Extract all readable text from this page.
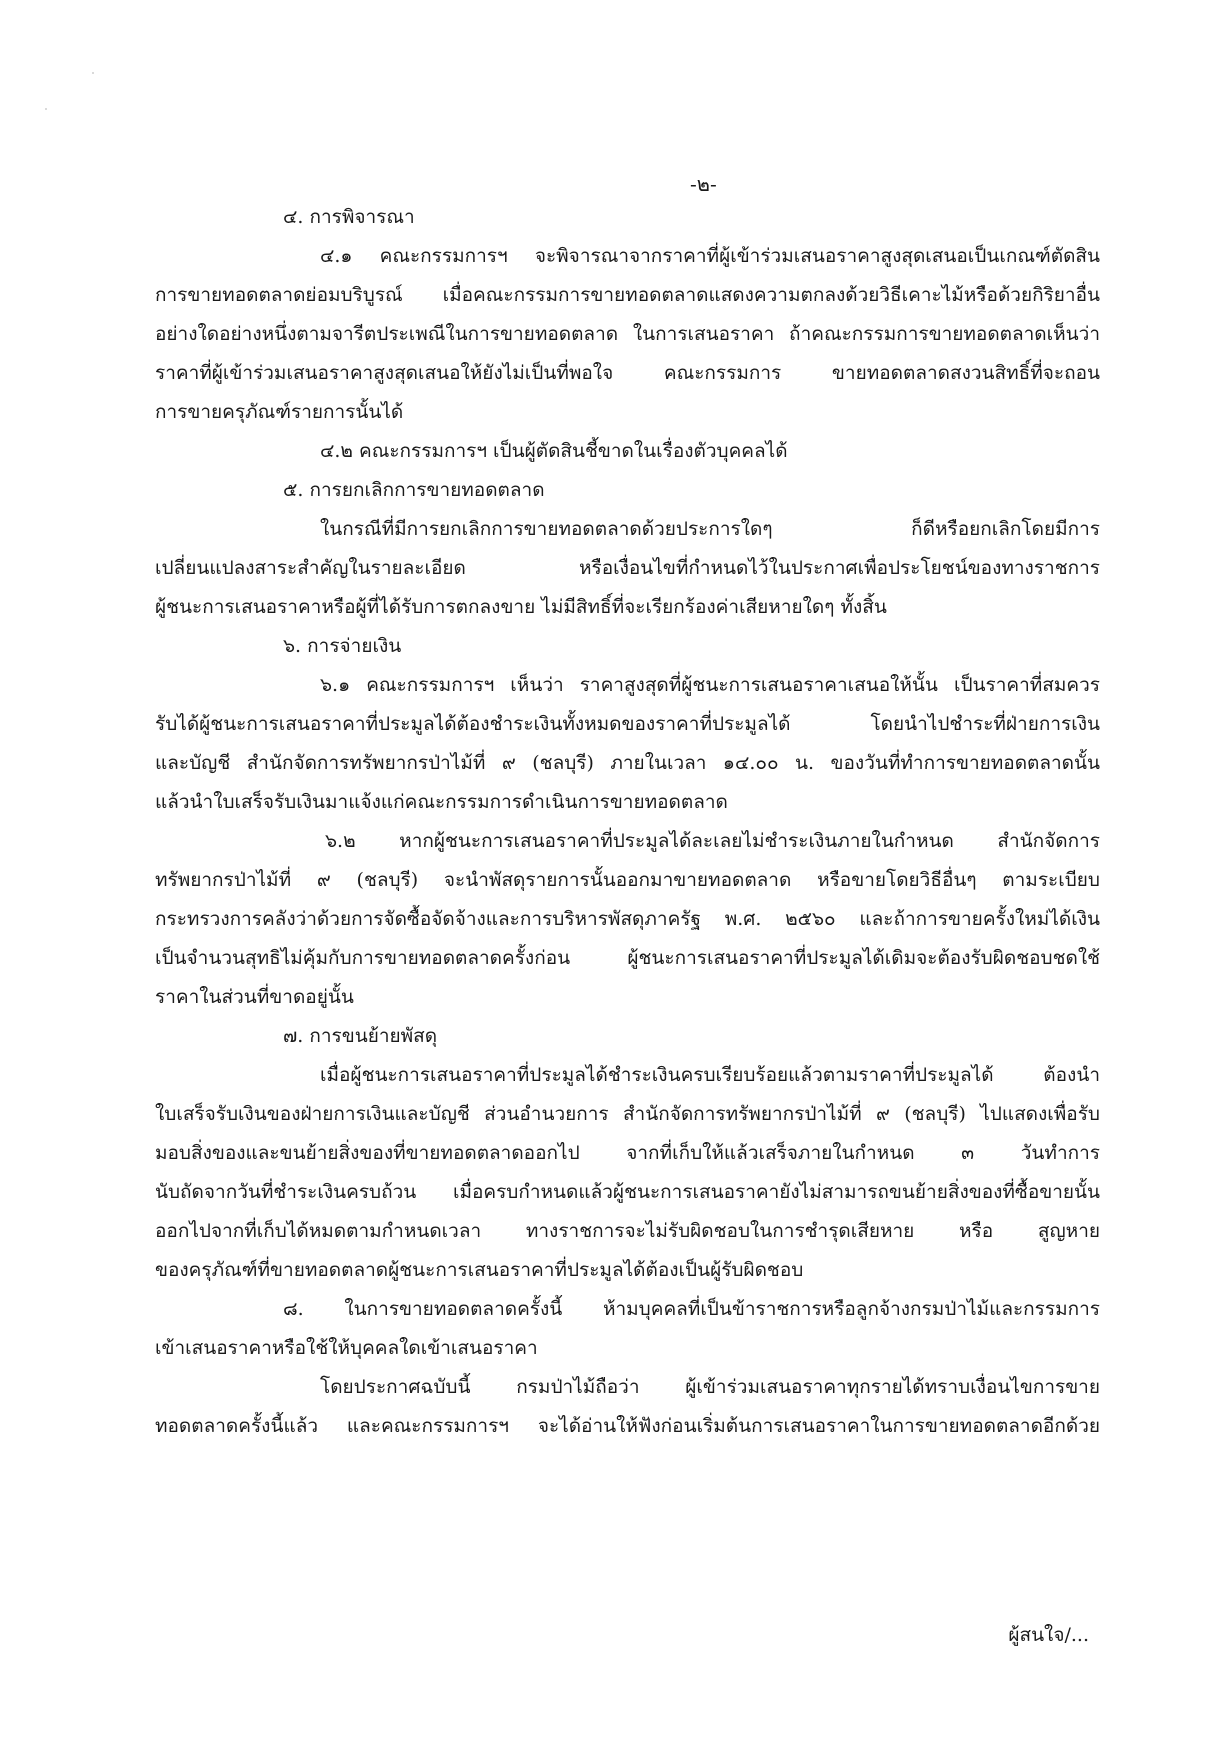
-๒-
๔. การพิจารณา
๔.๑ คณะกรรมการฯ จะพิจารณาจากราคาที่ผู้เข้าร่วมเสนอราคาสูงสุดเสนอเป็นเกณฑ์ตัดสิน
การขายทอดตลาดย่อมบริบูรณ์ เมื่อคณะกรรมการขายทอดตลาดแสดงความตกลงด้วยวิธีเคาะไม้หรือด้วยกิริยาอื่น
อย่างใดอย่างหนึ่งตามจารีตประเพณีในการขายทอดตลาด ในการเสนอราคา ถ้าคณะกรรมการขายทอดตลาดเห็นว่า
ราคาที่ผู้เข้าร่วมเสนอราคาสูงสุดเสนอให้ยังไม่เป็นที่พอใจ คณะกรรมการ ขายทอดตลาดสงวนสิทธิ์ที่จะถอน
การขายครุภัณฑ์รายการนั้นได้
๔.๒ คณะกรรมการฯ เป็นผู้ตัดสินชี้ขาดในเรื่องตัวบุคคลได้
๕. การยกเลิกการขายทอดตลาด
ในกรณีที่มีการยกเลิกการขายทอดตลาดด้วยประการใดๆ ก็ดีหรือยกเลิกโดยมีการ
เปลี่ยนแปลงสาระสำคัญในรายละเอียด หรือเงื่อนไขที่กำหนดไว้ในประกาศเพื่อประโยชน์ของทางราชการ
ผู้ชนะการเสนอราคาหรือผู้ที่ได้รับการตกลงขาย ไม่มีสิทธิ์ที่จะเรียกร้องค่าเสียหายใดๆ ทั้งสิ้น
๖. การจ่ายเงิน
๖.๑ คณะกรรมการฯ เห็นว่า ราคาสูงสุดที่ผู้ชนะการเสนอราคาเสนอให้นั้น เป็นราคาที่สมควร
รับได้ผู้ชนะการเสนอราคาที่ประมูลได้ต้องชำระเงินทั้งหมดของราคาที่ประมูลได้ โดยนำไปชำระที่ฝ่ายการเงิน
และบัญชี สำนักจัดการทรัพยากรป่าไม้ที่ ๙ (ชลบุรี) ภายในเวลา ๑๔.๐๐ น. ของวันที่ทำการขายทอดตลาดนั้น
แล้วนำใบเสร็จรับเงินมาแจ้งแก่คณะกรรมการดำเนินการขายทอดตลาด
๖.๒ หากผู้ชนะการเสนอราคาที่ประมูลได้ละเลยไม่ชำระเงินภายในกำหนด สำนักจัดการ
ทรัพยากรป่าไม้ที่ ๙ (ชลบุรี) จะนำพัสดุรายการนั้นออกมาขายทอดตลาด หรือขายโดยวิธีอื่นๆ ตามระเบียบ
กระทรวงการคลังว่าด้วยการจัดซื้อจัดจ้างและการบริหารพัสดุภาครัฐ พ.ศ. ๒๕๖๐ และถ้าการขายครั้งใหม่ได้เงิน
เป็นจำนวนสุทธิไม่คุ้มกับการขายทอดตลาดครั้งก่อน ผู้ชนะการเสนอราคาที่ประมูลได้เดิมจะต้องรับผิดชอบชดใช้
ราคาในส่วนที่ขาดอยู่นั้น
๗. การขนย้ายพัสดุ
เมื่อผู้ชนะการเสนอราคาที่ประมูลได้ชำระเงินครบเรียบร้อยแล้วตามราคาที่ประมูลได้ ต้องนำ
ใบเสร็จรับเงินของฝ่ายการเงินและบัญชี ส่วนอำนวยการ สำนักจัดการทรัพยากรป่าไม้ที่ ๙ (ชลบุรี) ไปแสดงเพื่อรับ
มอบสิ่งของและขนย้ายสิ่งของที่ขายทอดตลาดออกไป จากที่เก็บให้แล้วเสร็จภายในกำหนด ๓ วันทำการ
นับถัดจากวันที่ชำระเงินครบถ้วน เมื่อครบกำหนดแล้วผู้ชนะการเสนอราคายังไม่สามารถขนย้ายสิ่งของที่ซื้อขายนั้น
ออกไปจากที่เก็บได้หมดตามกำหนดเวลา ทางราชการจะไม่รับผิดชอบในการชำรุดเสียหาย หรือ สูญหาย
ของครุภัณฑ์ที่ขายทอดตลาดผู้ชนะการเสนอราคาที่ประมูลได้ต้องเป็นผู้รับผิดชอบ
๘. ในการขายทอดตลาดครั้งนี้ ห้ามบุคคลที่เป็นข้าราชการหรือลูกจ้างกรมป่าไม้และกรรมการ
เข้าเสนอราคาหรือใช้ให้บุคคลใดเข้าเสนอราคา
โดยประกาศฉบับนี้ กรมป่าไม้ถือว่า ผู้เข้าร่วมเสนอราคาทุกรายได้ทราบเงื่อนไขการขาย
ทอดตลาดครั้งนี้แล้ว และคณะกรรมการฯ จะได้อ่านให้ฟังก่อนเริ่มต้นการเสนอราคาในการขายทอดตลาดอีกด้วย
ผู้สนใจ/...
